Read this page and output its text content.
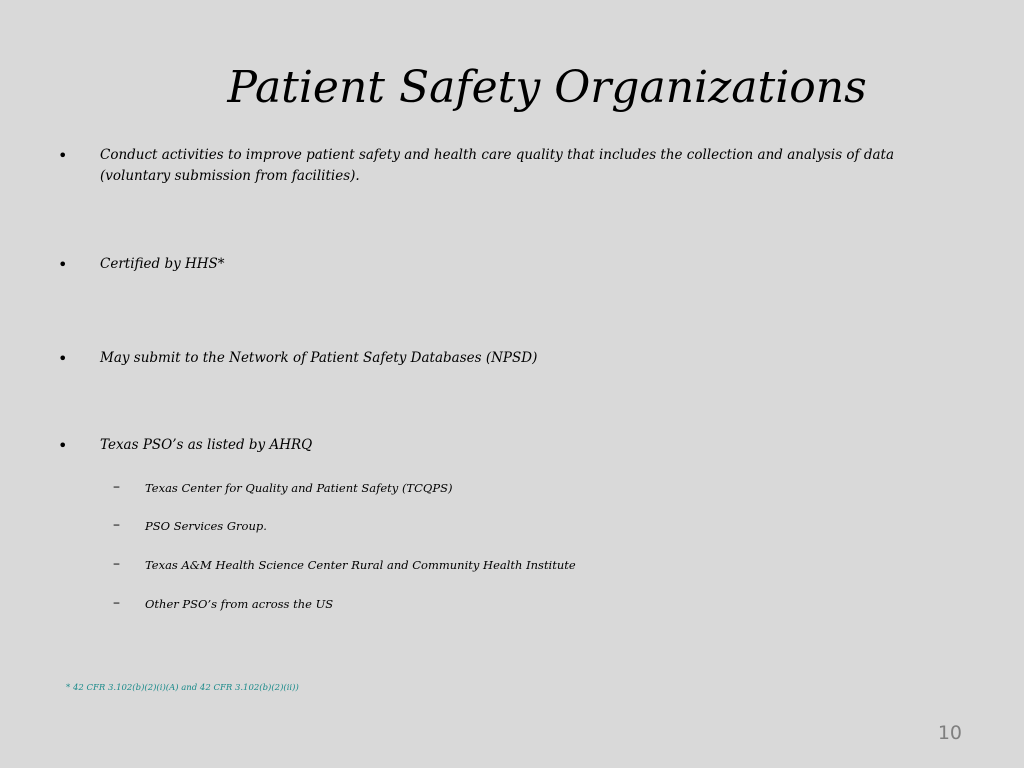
Patient Safety Organizations
• Conduct activities to improve patient safety and health care quality that includes the collection and analysis of data (voluntary submission from facilities).
• Certified by HHS*
• May submit to the Network of Patient Safety Databases (NPSD)
• Texas PSO’s as listed by AHRQ
– Texas Center for Quality and Patient Safety (TCQPS)
– PSO Services Group.
– Texas A&M Health Science Center Rural and Community Health Institute
– Other PSO’s from across the US
* 42 CFR 3.102(b)(2)(i)(A) and 42 CFR 3.102(b)(2)(ii))
10
